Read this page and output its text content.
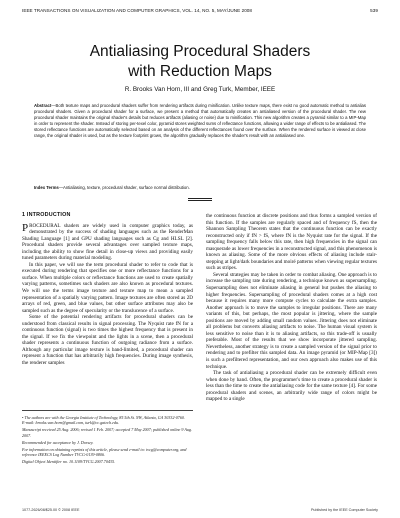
IEEE TRANSACTIONS ON VISUALIZATION AND COMPUTER GRAPHICS, VOL. 14, NO. 5, MAY/JUNE 2008	539
Antialiasing Procedural Shaders
with Reduction Maps
R. Brooks Van Horn, III and Greg Turk, Member, IEEE
Abstract—Both texture maps and procedural shaders suffer from rendering artifacts during minification. Unlike texture maps, there exist no good automatic method to antialias procedural shaders. Given a procedural shader for a surface, we present a method that automatically creates an antialiased version of the procedural shader. The new procedural shader maintains the original shader's details but reduces artifacts (aliasing or noise) due to minification. This new algorithm creates a pyramid similar to a MIP-Map in order to represent the shader. Instead of storing per-texel color, pyramid stores weighted sums of reflectance functions, allowing a wider range of effects to be antialiased. The stored reflectance functions are automatically selected based on an analysis of the different reflectances found over the surface. When the rendered surface is viewed at close range, the original shader is used, but as the texture footprint grows, the algorithm gradually replaces the shader's result with an antialiased one.
Index Terms—Antialiasing, texture, procedural shader, surface normal distribution.
1 INTRODUCTION

PROCEDURAL shaders are widely used in computer graphics today, as demonstrated by the success of shading languages such as the RenderMan Shading Language [1] and GPU shading languages such as Cg and HLSL [2]. Procedural shaders provide several advantages over sampled texture maps, including the ability to show fine detail in close-up views and providing easily tuned parameters during material modeling.

In this paper, we will use the term procedural shader to refer to code that is executed during rendering that specifies one or more reflectance functions for a surface. When multiple colors or reflectance functions are used to create spatially varying patterns, sometimes such shaders are also known as procedural textures. We will use the terms image texture and texture map to mean a sampled representation of a spatially varying pattern. Image textures are often stored as 2D arrays of red, green, and blue values, but other surface attributes may also be sampled such as the degree of specularity or the translucence of a surface.

Some of the potential rendering artifacts for procedural shaders can be understood from classical results in signal processing. The Nyquist rate fN for a continuous function (signal) is two times the highest frequency that is present in the signal. If we fix the viewpoint and the lights in a scene, then a procedural shader represents a continuous function of outgoing radiance from a surface. Although any particular image texture is band-limited, a procedural shader can represent a function that has arbitrarily high frequencies. During image synthesis, the renderer samples

• The authors are with the Georgia Institute of Technology, 85 5th St. NW, Atlanta, GA 30332-0760.
E-mail: brooks.van.horn@gmail.com, turk@cc.gatech.edu.

Manuscript received 25 Aug. 2006; revised 1 Feb. 2007; accepted 7 May 2007; published online 9 Aug. 2007.

Recommended for acceptance by J. Dorsey.

For information on obtaining reprints of this article, please send e-mail to: tvcg@computer.org, and reference IEEECS Log Number TVCG-0139-0806.

Digital Object Identifier no. 10.1109/TVCG.2007.70435.

the continuous function at discrete positions and thus forms a sampled version of this function. If the samples are regularly spaced and of frequency fS, then the Shannon Sampling Theorem states that the continuous function can be exactly reconstructed only if fN > fS, where fN is the Nyquist rate for the signal. If the sampling frequency falls below this rate, then high frequencies in the signal can masquerade as lower frequencies in a reconstructed signal, and this phenomenon is known as aliasing. Some of the more obvious effects of aliasing include stair-stepping at light/dark boundaries and moiré patterns when viewing regular textures such as stripes.

Several strategies may be taken in order to combat aliasing. One approach is to increase the sampling rate during rendering, a technique known as supersampling. Supersampling does not eliminate aliasing in general but pushes the aliasing to higher frequencies. Supersampling of procedural shaders comes at a high cost because it requires many more compute cycles to calculate the extra samples. Another approach is to move the samples to irregular positions. There are many variants of this, but perhaps, the most popular is jittering, where the sample positions are moved by adding small random values. Jittering does not eliminate all problems but converts aliasing artifacts to noise. The human visual system is less sensitive to noise than it is to aliasing artifacts, so this trade-off is usually preferable. Most of the results that we show incorporate jittered sampling. Nevertheless, another strategy is to create a sampled version of the signal prior to rendering and to prefilter this sampled data. An image pyramid (or MIP-Map [3]) is such a prefiltered representation, and our own approach also makes use of this technique.

The task of antialiasing a procedural shader can be extremely difficult even when done by hand. Often, the programmer's time to create a procedural shader is less than the time to create the antialiasing code for the same texture [4]. For some procedural shaders and scenes, an arbitrarily wide range of colors might be mapped to a single

1077-2626/08/$25.00 © 2008 IEEE	Published by the IEEE Computer Society
